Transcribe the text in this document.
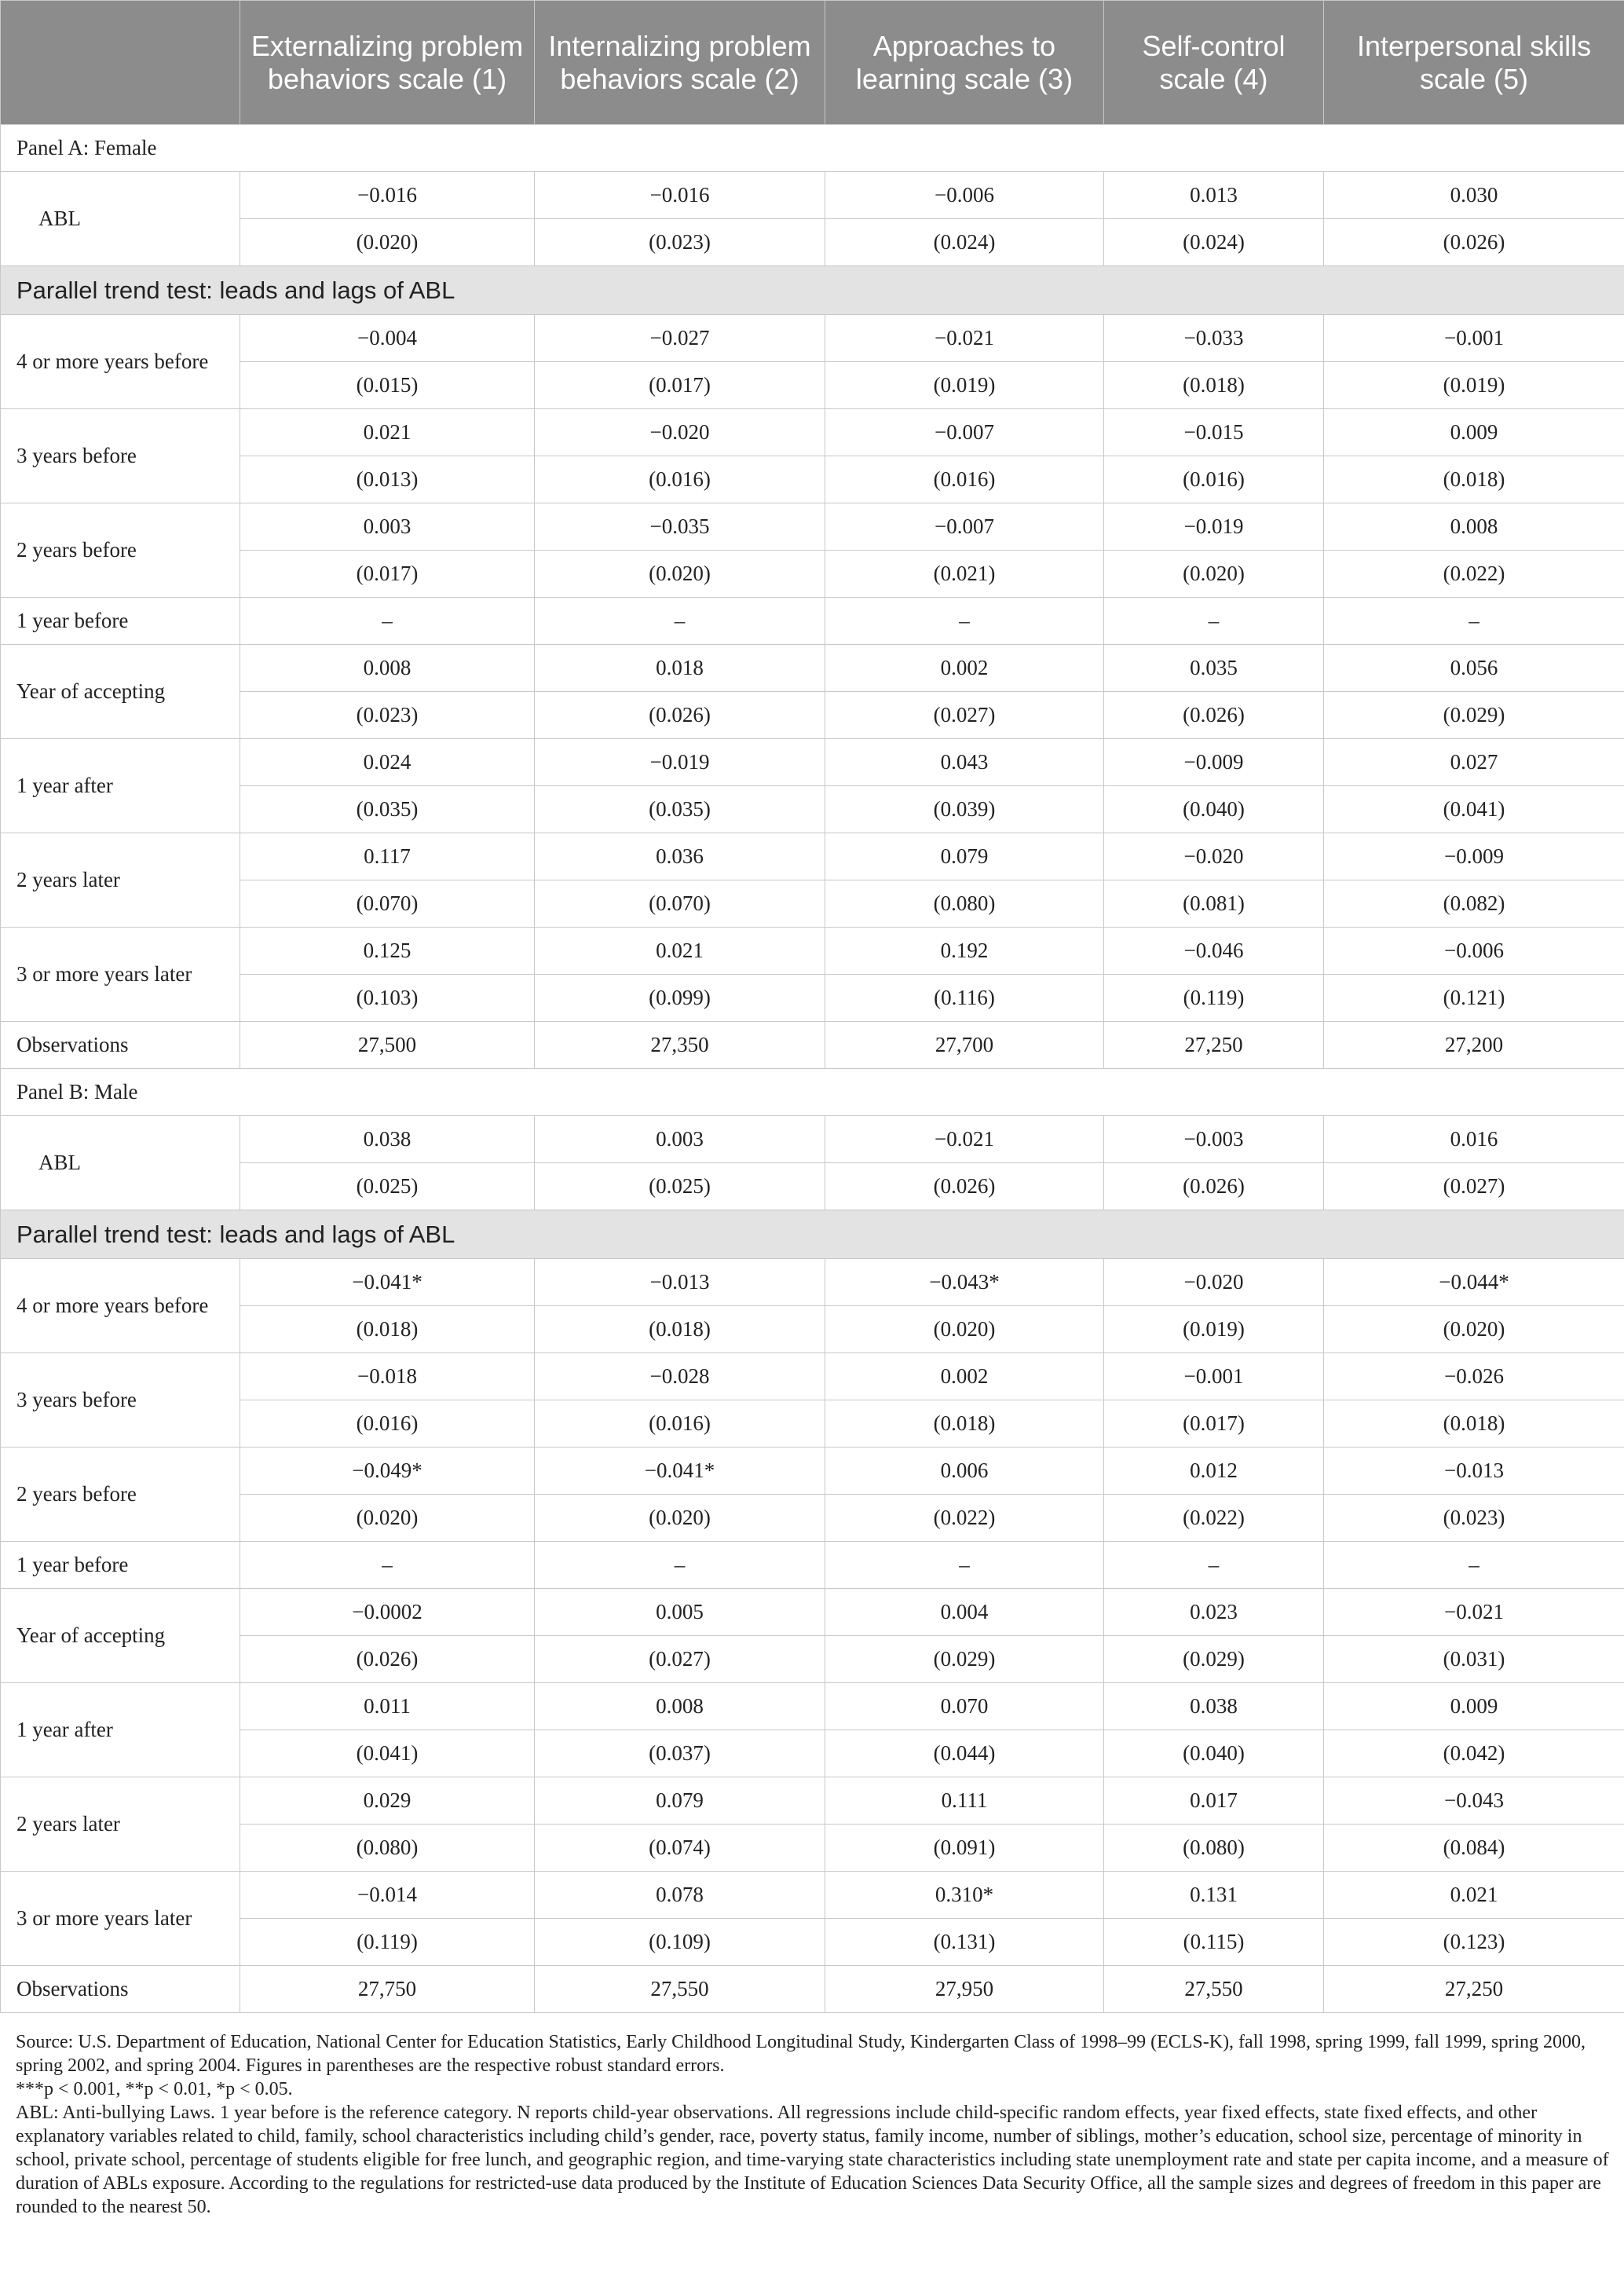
	Externalizing problem behaviors scale (1)	Internalizing problem behaviors scale (2)	Approaches to learning scale (3)	Self-control scale (4)	Interpersonal skills scale (5)
Panel A: Female					
ABL	−0.016	−0.016	−0.006	0.013	0.030
	(0.020)	(0.023)	(0.024)	(0.024)	(0.026)
Parallel trend test: leads and lags of ABL					
4 or more years before	−0.004	−0.027	−0.021	−0.033	−0.001
	(0.015)	(0.017)	(0.019)	(0.018)	(0.019)
3 years before	0.021	−0.020	−0.007	−0.015	0.009
	(0.013)	(0.016)	(0.016)	(0.016)	(0.018)
2 years before	0.003	−0.035	−0.007	−0.019	0.008
	(0.017)	(0.020)	(0.021)	(0.020)	(0.022)
1 year before	–	–	–	–	–
Year of accepting	0.008	0.018	0.002	0.035	0.056
	(0.023)	(0.026)	(0.027)	(0.026)	(0.029)
1 year after	0.024	−0.019	0.043	−0.009	0.027
	(0.035)	(0.035)	(0.039)	(0.040)	(0.041)
2 years later	0.117	0.036	0.079	−0.020	−0.009
	(0.070)	(0.070)	(0.080)	(0.081)	(0.082)
3 or more years later	0.125	0.021	0.192	−0.046	−0.006
	(0.103)	(0.099)	(0.116)	(0.119)	(0.121)
Observations	27,500	27,350	27,700	27,250	27,200
Panel B: Male					
ABL	0.038	0.003	−0.021	−0.003	0.016
	(0.025)	(0.025)	(0.026)	(0.026)	(0.027)
Parallel trend test: leads and lags of ABL					
4 or more years before	−0.041*	−0.013	−0.043*	−0.020	−0.044*
	(0.018)	(0.018)	(0.020)	(0.019)	(0.020)
3 years before	−0.018	−0.028	0.002	−0.001	−0.026
	(0.016)	(0.016)	(0.018)	(0.017)	(0.018)
2 years before	−0.049*	−0.041*	0.006	0.012	−0.013
	(0.020)	(0.020)	(0.022)	(0.022)	(0.023)
1 year before	–	–	–	–	–
Year of accepting	−0.0002	0.005	0.004	0.023	−0.021
	(0.026)	(0.027)	(0.029)	(0.029)	(0.031)
1 year after	0.011	0.008	0.070	0.038	0.009
	(0.041)	(0.037)	(0.044)	(0.040)	(0.042)
2 years later	0.029	0.079	0.111	0.017	−0.043
	(0.080)	(0.074)	(0.091)	(0.080)	(0.084)
3 or more years later	−0.014	0.078	0.310*	0.131	0.021
	(0.119)	(0.109)	(0.131)	(0.115)	(0.123)
Observations	27,750	27,550	27,950	27,550	27,250

Source: U.S. Department of Education, National Center for Education Statistics, Early Childhood Longitudinal Study, Kindergarten Class of 1998–99 (ECLS-K), fall 1998, spring 1999, fall 1999, spring 2000, spring 2002, and spring 2004. Figures in parentheses are the respective robust standard errors.

***p < 0.001, **p < 0.01, *p < 0.05.

ABL: Anti-bullying Laws. 1 year before is the reference category. N reports child-year observations. All regressions include child-specific random effects, year fixed effects, state fixed effects, and other explanatory variables related to child, family, school characteristics including child’s gender, race, poverty status, family income, number of siblings, mother’s education, school size, percentage of minority in school, private school, percentage of students eligible for free lunch, and geographic region, and time-varying state characteristics including state unemployment rate and state per capita income, and a measure of duration of ABLs exposure. According to the regulations for restricted-use data produced by the Institute of Education Sciences Data Security Office, all the sample sizes and degrees of freedom in this paper are rounded to the nearest 50.
